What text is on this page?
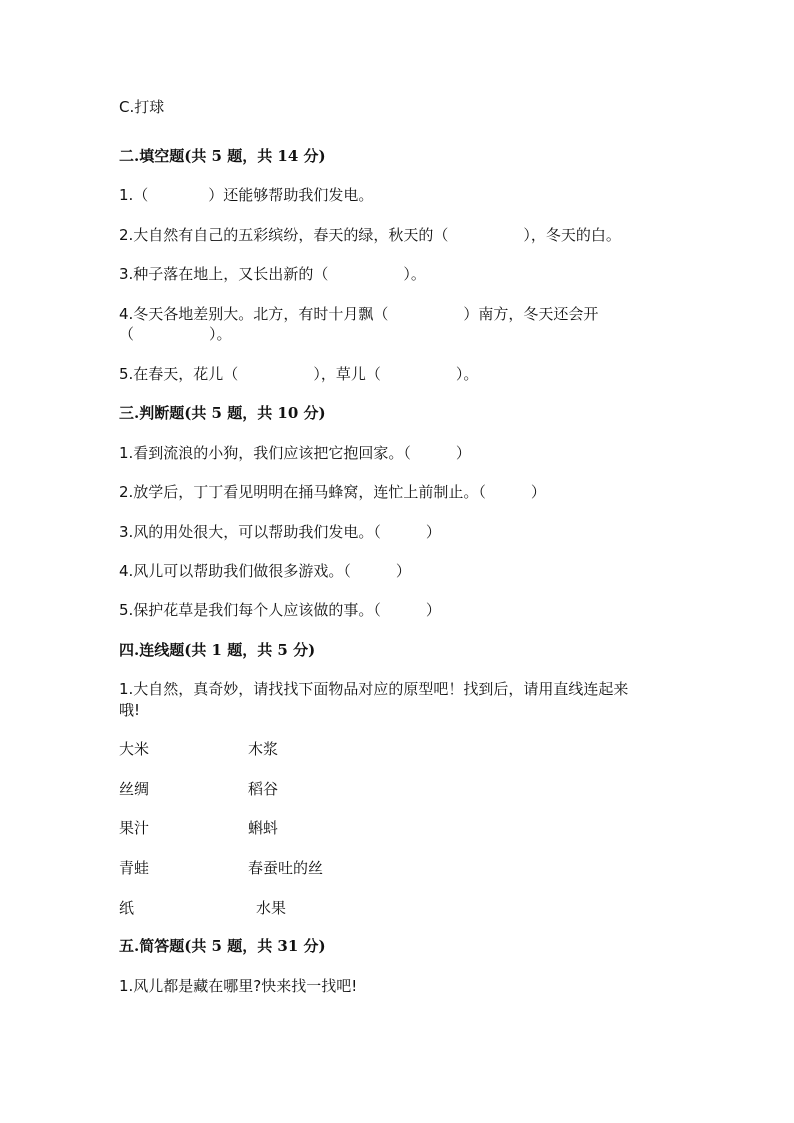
C.打球
二.填空题(共 5 题，共 14 分)
1.（　　　　）还能够帮助我们发电。
2.大自然有自己的五彩缤纷，春天的绿，秋天的（　　　　　），冬天的白。
3.种子落在地上，又长出新的（　　　　　）。
4.冬天各地差别大。北方，有时十月飘（　　　　　）南方，冬天还会开
（　　　　　）。
5.在春天，花儿（　　　　　），草儿（　　　　　）。
三.判断题(共 5 题，共 10 分)
1.看到流浪的小狗，我们应该把它抱回家。（　　　）
2.放学后，丁丁看见明明在捅马蜂窝，连忙上前制止。（　　　）
3.风的用处很大，可以帮助我们发电。（　　　）
4.风儿可以帮助我们做很多游戏。（　　　）
5.保护花草是我们每个人应该做的事。（　　　）
四.连线题(共 1 题，共 5 分)
1.大自然，真奇妙，请找找下面物品对应的原型吧！找到后，请用直线连起来
哦!
大米	木浆
丝绸	稻谷
果汁	蝌蚪
青蛙	春蚕吐的丝
纸	水果
五.简答题(共 5 题，共 31 分)
1.风儿都是藏在哪里?快来找一找吧!
